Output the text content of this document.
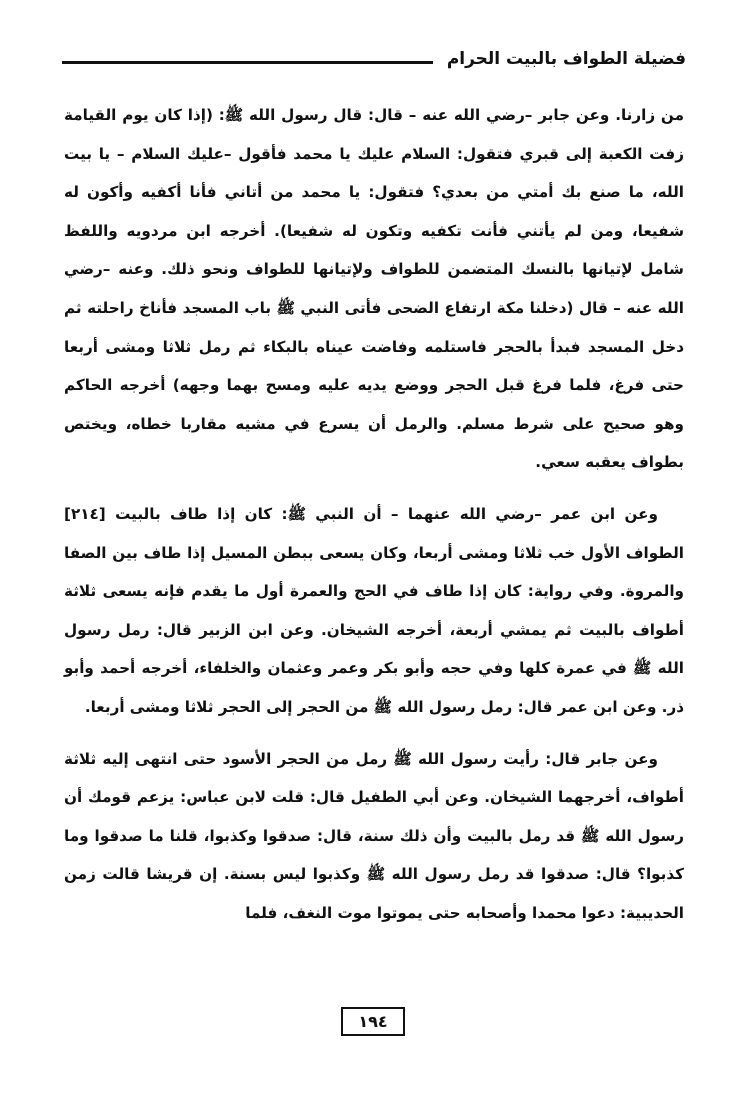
فضيلة الطواف بالبيت الحرام

من زارنا. وعن جابر –رضي الله عنه – قال: قال رسول الله ﷺ: (إذا كان يوم القيامة زفت الكعبة إلى قبري فتقول: السلام عليك يا محمد فأقول –عليك السلام – يا بيت الله، ما صنع بك أمتي من بعدي؟ فتقول: يا محمد من أتاني فأنا أكفيه وأكون له شفيعا، ومن لم يأتني فأنت تكفيه وتكون له شفيعا). أخرجه ابن مردويه واللفظ شامل لإتيانها بالنسك المتضمن للطواف ولإتيانها للطواف ونحو ذلك. وعنه –رضي الله عنه – قال (دخلنا مكة ارتفاع الضحى فأتى النبي ﷺ باب المسجد فأناخ راحلته ثم دخل المسجد فبدأ بالحجر فاستلمه وفاضت عيناه بالبكاء ثم رمل ثلاثا ومشى أربعا حتى فرغ، فلما فرغ قبل الحجر ووضع يديه عليه ومسح بهما وجهه) أخرجه الحاكم وهو صحيح على شرط مسلم. والرمل أن يسرع في مشيه مقاربا خطاه، ويختص بطواف يعقبه سعي.

وعن ابن عمر –رضي الله عنهما – أن النبي ﷺ: كان إذا طاف بالبيت [٢١٤] الطواف الأول خب ثلاثا ومشى أربعا، وكان يسعى ببطن المسيل إذا طاف بين الصفا والمروة. وفي رواية: كان إذا طاف في الحج والعمرة أول ما يقدم فإنه يسعى ثلاثة أطواف بالبيت ثم يمشي أربعة، أخرجه الشيخان. وعن ابن الزبير قال: رمل رسول الله ﷺ في عمرة كلها وفي حجه وأبو بكر وعمر وعثمان والخلفاء، أخرجه أحمد وأبو ذر. وعن ابن عمر قال: رمل رسول الله ﷺ من الحجر إلى الحجر ثلاثا ومشى أربعا.

وعن جابر قال: رأيت رسول الله ﷺ رمل من الحجر الأسود حتى انتهى إليه ثلاثة أطواف، أخرجهما الشيخان. وعن أبي الطفيل قال: قلت لابن عباس: يزعم قومك أن رسول الله ﷺ قد رمل بالبيت وأن ذلك سنة، قال: صدقوا وكذبوا، قلنا ما صدقوا وما كذبوا؟ قال: صدقوا قد رمل رسول الله ﷺ وكذبوا ليس بسنة. إن قريشا قالت زمن الحديبية: دعوا محمدا وأصحابه حتى يموتوا موت النغف، فلما

١٩٤
